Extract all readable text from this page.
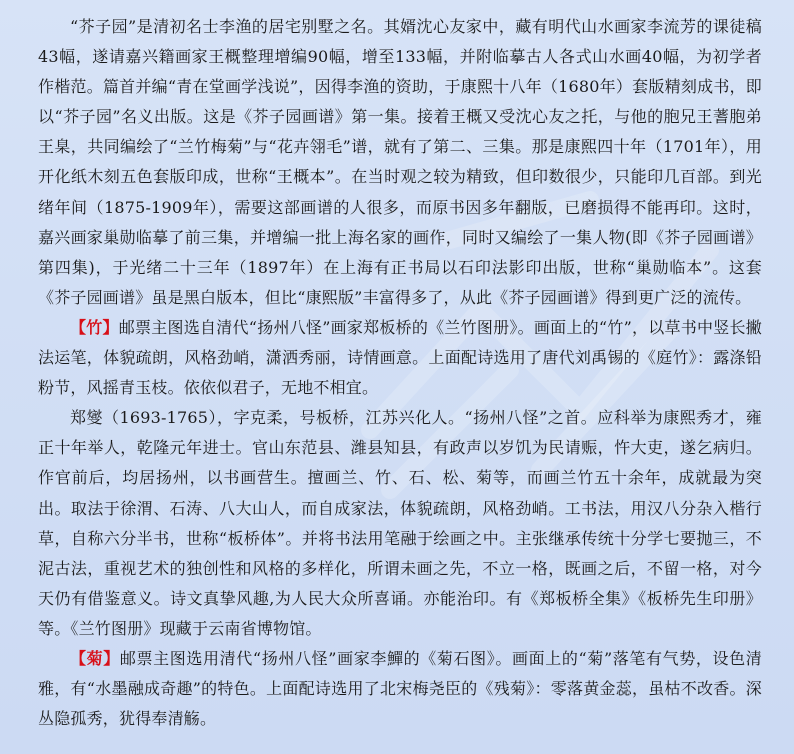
“芥子园”是清初名士李渔的居宅别墅之名。其婿沈心友家中，藏有明代山水画家李流芳的课徒稿43幅，遂请嘉兴籍画家王概整理增编90幅，增至133幅，并附临摹古人各式山水画40幅，为初学者作楷范。篇首并编“青在堂画学浅说”，因得李渔的资助，于康熙十八年（1680年）套版精刻成书，即以“芥子园”名义出版。这是《芥子园画谱》第一集。接着王概又受沈心友之托，与他的胞兄王蓍胞弟王臬，共同编绘了“兰竹梅菊”与“花卉翎毛”谱，就有了第二、三集。那是康熙四十年（1701年），用开化纸木刻五色套版印成，世称“王概本”。在当时观之较为精致，但印数很少，只能印几百部。到光绪年间（1875-1909年），需要这部画谱的人很多，而原书因多年翻版，已磨损得不能再印。这时，嘉兴画家巢勋临摹了前三集，并增编一批上海名家的画作，同时又编绘了一集人物(即《芥子园画谱》第四集)，于光绪二十三年（1897年）在上海有正书局以石印法影印出版，世称“巢勋临本”。这套《芥子园画谱》虽是黑白版本，但比“康熙版”丰富得多了，从此《芥子园画谱》得到更广泛的流传。

【竹】邮票主图选自清代“扬州八怪”画家郑板桥的《兰竹图册》。画面上的“竹”，以草书中竖长撇法运笔，体貌疏朗，风格劲峭，潇洒秀丽，诗情画意。上面配诗选用了唐代刘禹锡的《庭竹》：露涤铅粉节，风摇青玉枝。依依似君子，无地不相宜。

郑燮（1693-1765），字克柔，号板桥，江苏兴化人。“扬州八怪”之首。应科举为康熙秀才，雍正十年举人，乾隆元年进士。官山东范县、潍县知县，有政声以岁饥为民请赈，忤大吏，遂乞病归。作官前后，均居扬州，以书画营生。擅画兰、竹、石、松、菊等，而画兰竹五十余年，成就最为突出。取法于徐渭、石涛、八大山人，而自成家法，体貌疏朗，风格劲峭。工书法，用汉八分杂入楷行草，自称六分半书，世称“板桥体”。并将书法用笔融于绘画之中。主张继承传统十分学七要抛三，不泥古法，重视艺术的独创性和风格的多样化，所谓未画之先，不立一格，既画之后，不留一格，对今天仍有借鉴意义。诗文真挚风趣,为人民大众所喜诵。亦能治印。有《郑板桥全集》《板桥先生印册》等。《兰竹图册》现藏于云南省博物馆。

【菊】邮票主图选用清代“扬州八怪”画家李鱓的《菊石图》。画面上的“菊”落笔有气势，设色清雅，有“水墨融成奇趣”的特色。上面配诗选用了北宋梅尧臣的《残菊》：零落黄金蕊，虽枯不改香。深丛隐孤秀，犹得奉清觞。
